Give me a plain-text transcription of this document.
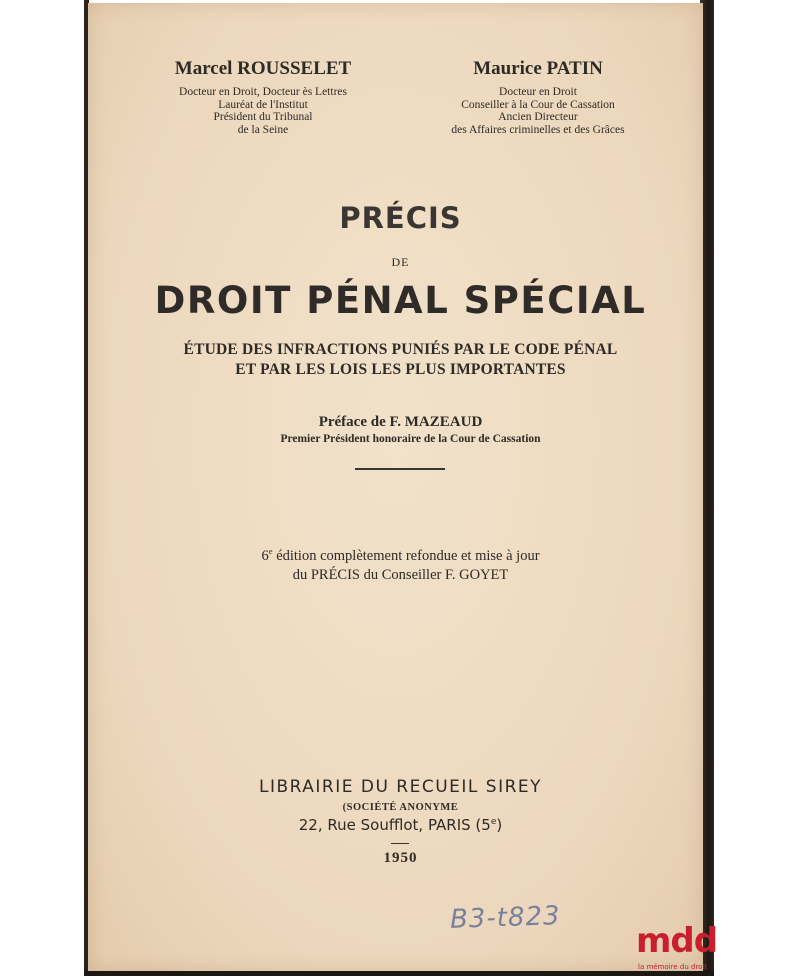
Marcel ROUSSELET
Docteur en Droit, Docteur ès Lettres
Lauréat de l'Institut
Président du Tribunal
de la Seine
Maurice PATIN
Docteur en Droit
Conseiller à la Cour de Cassation
Ancien Directeur
des Affaires criminelles et des Grâces
PRÉCIS
DE
DROIT PÉNAL SPÉCIAL
ÉTUDE DES INFRACTIONS PUNIÉS PAR LE CODE PÉNAL
ET PAR LES LOIS LES PLUS IMPORTANTES
Préface de F. MAZEAUD
Premier Président honoraire de la Cour de Cassation
6e édition complètement refondue et mise à jour
du PRÉCIS du Conseiller F. GOYET
LIBRAIRIE DU RECUEIL SIREY
(SOCIÉTÉ ANONYME
22, Rue Soufflot, PARIS (5e)
1950
B3-t823
mdd
la mémoire du droit
